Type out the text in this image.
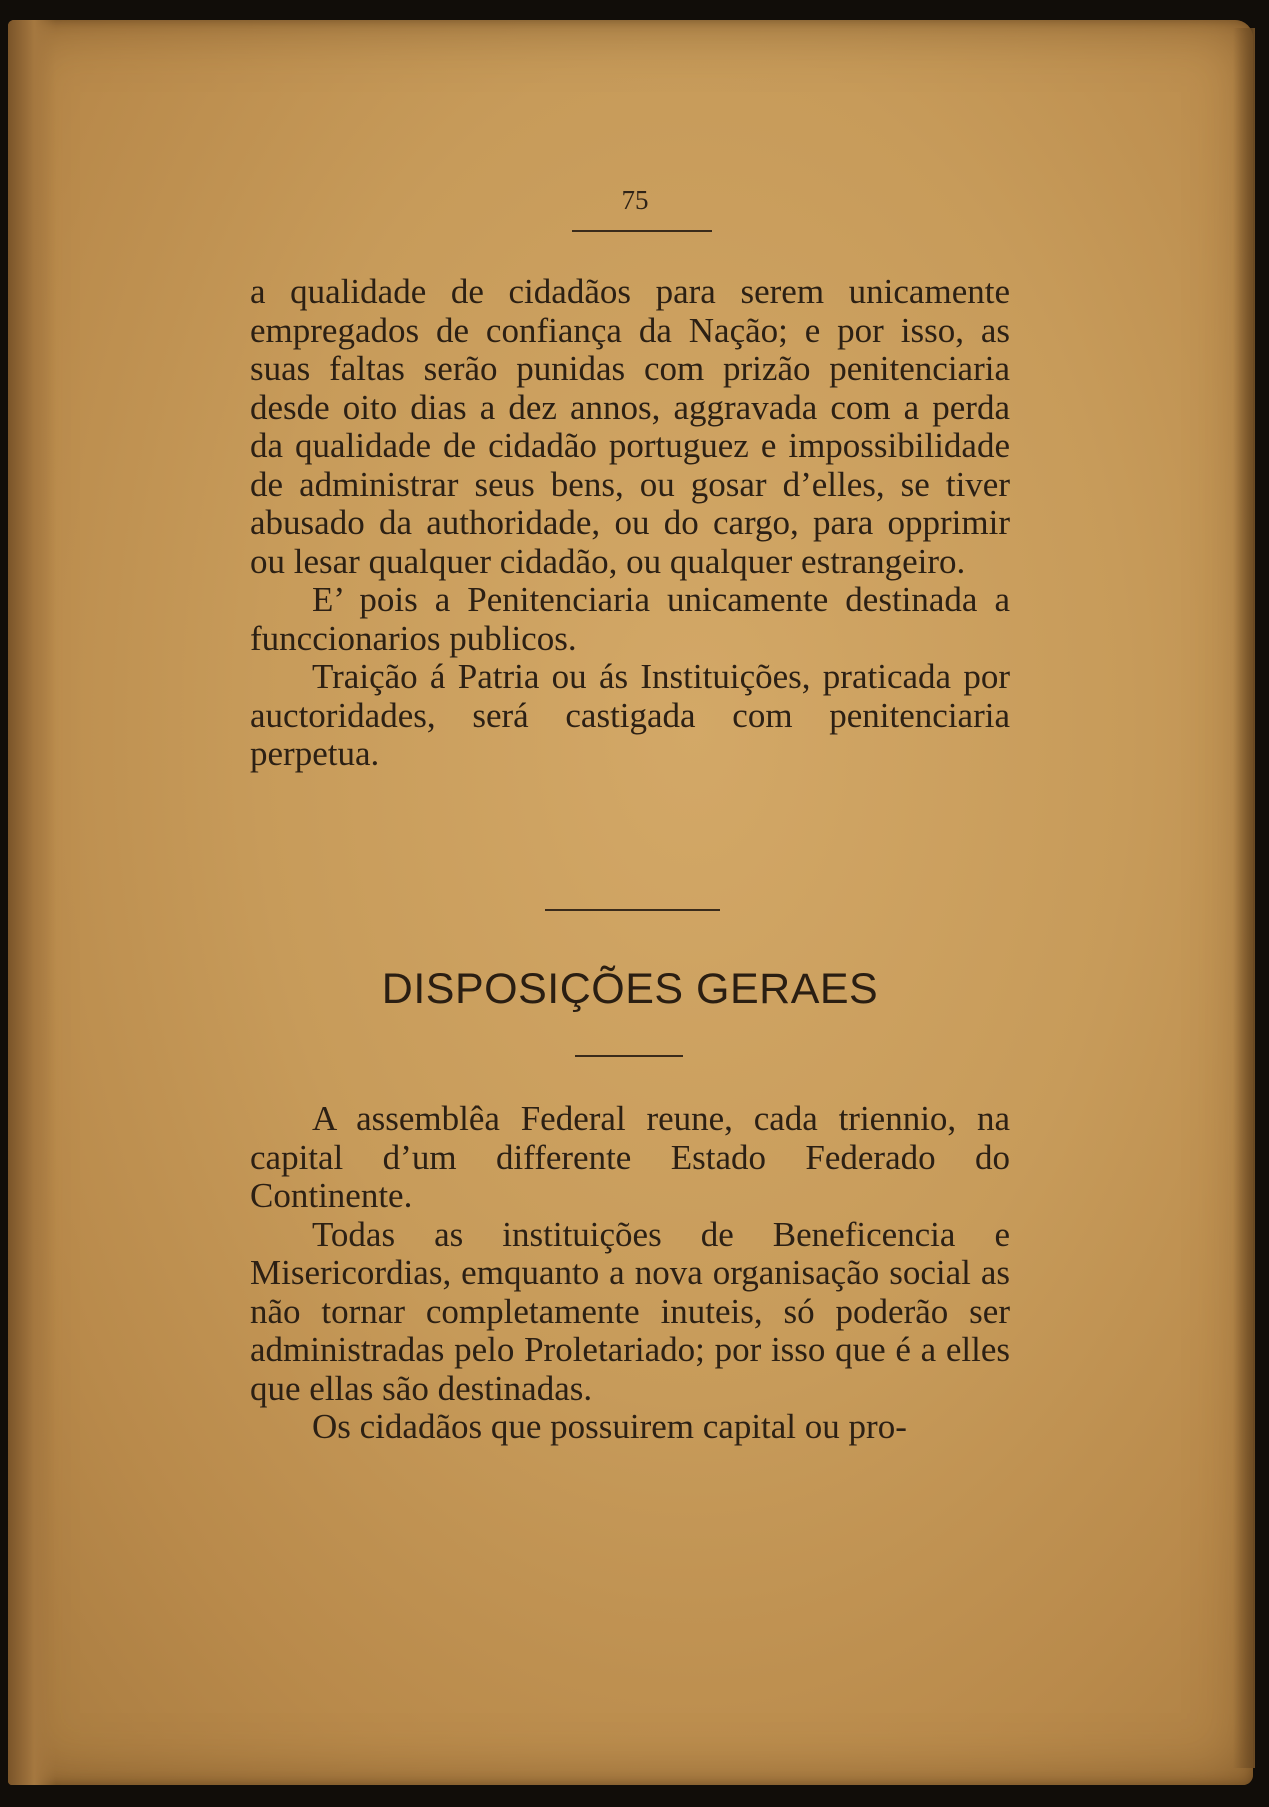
75

a qualidade de cidadãos para serem unicamente empregados de confiança da Nação; e por isso, as suas faltas serão punidas com prizão penitenciaria desde oito dias a dez annos, aggravada com a perda da qualidade de cidadão portuguez e impossibilidade de administrar seus bens, ou gosar d’elles, se tiver abusado da authoridade, ou do cargo, para opprimir ou lesar qualquer cidadão, ou qualquer estrangeiro.

E’ pois a Penitenciaria unicamente destinada a funccionarios publicos.

Traição á Patria ou ás Instituições, praticada por auctoridades, será castigada com penitenciaria perpetua.

DISPOSIÇÕES GERAES

A assemblêa Federal reune, cada triennio, na capital d’um differente Estado Federado do Continente.

Todas as instituições de Beneficencia e Misericordias, emquanto a nova organisação social as não tornar completamente inuteis, só poderão ser administradas pelo Proletariado; por isso que é a elles que ellas são destinadas.

Os cidadãos que possuirem capital ou pro-
